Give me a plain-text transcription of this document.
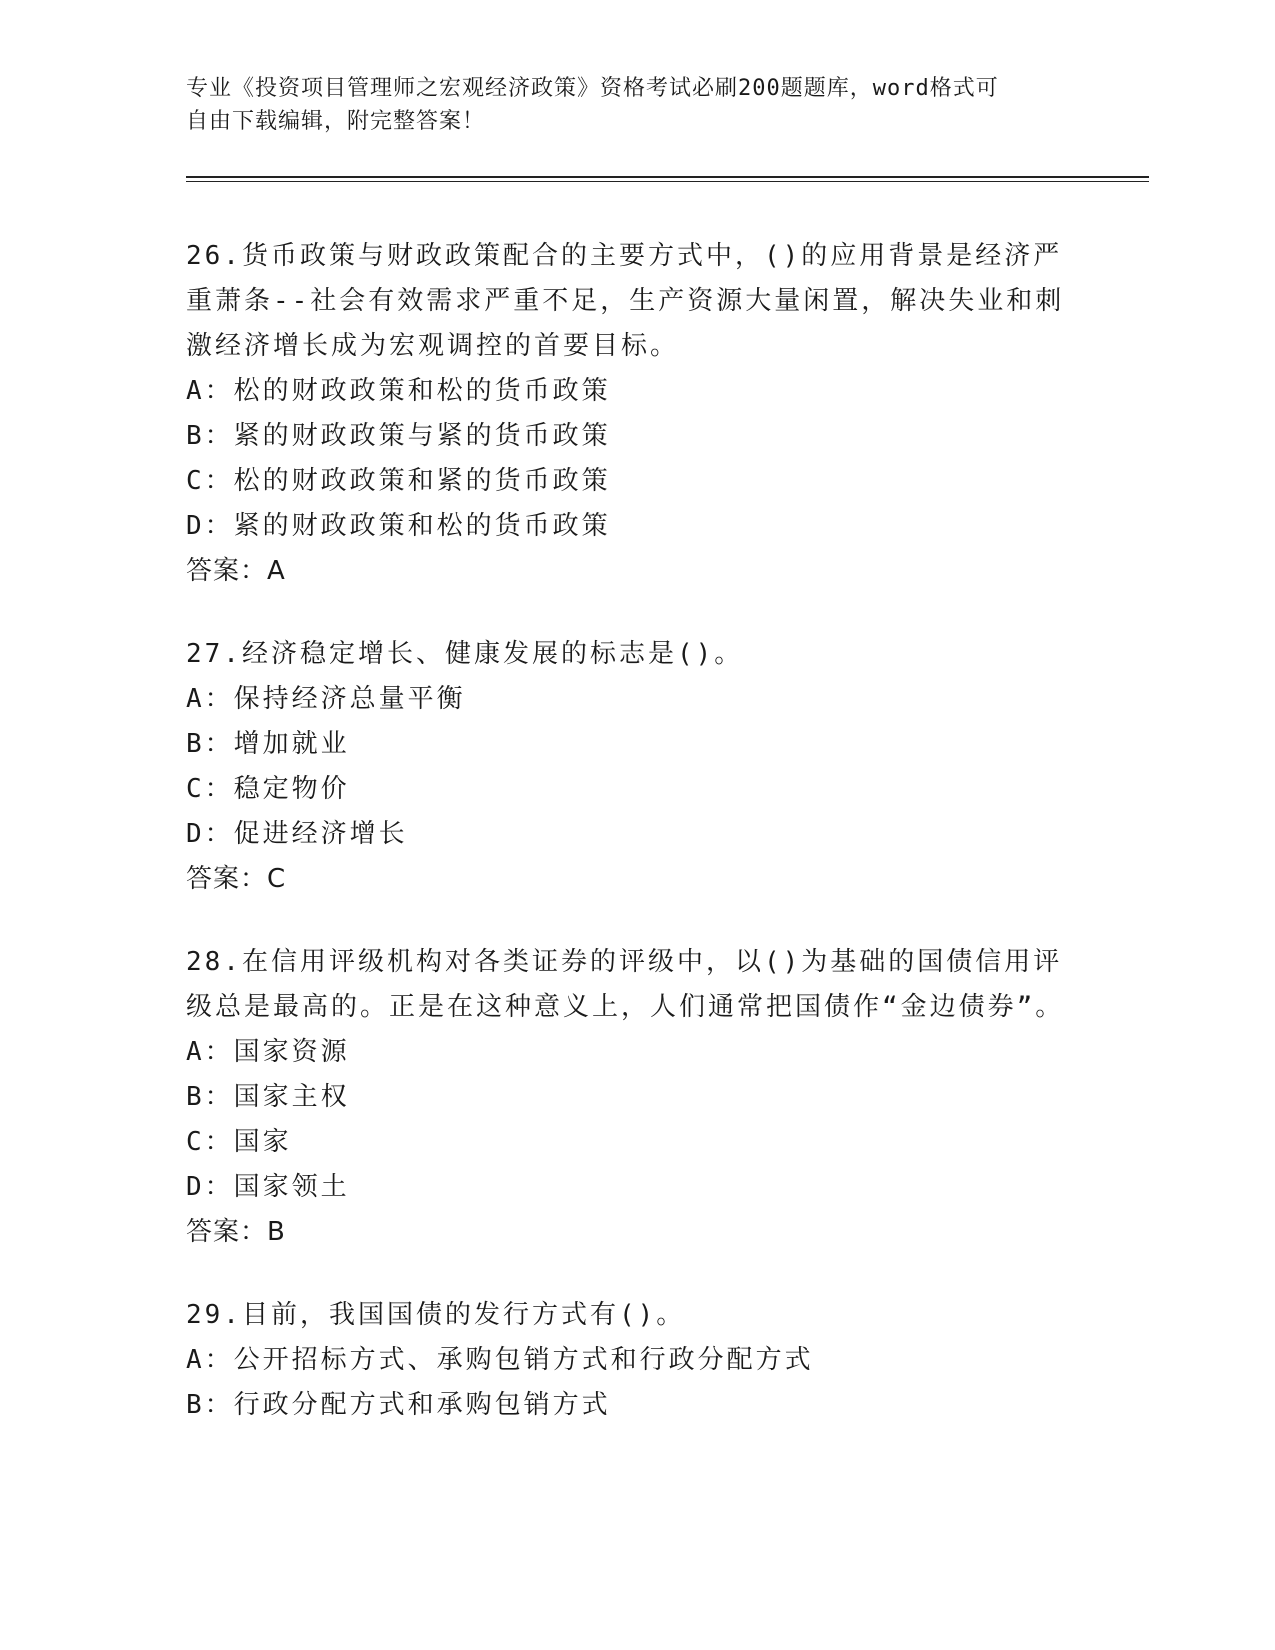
专业《投资项目管理师之宏观经济政策》资格考试必刷200题题库，word格式可
自由下载编辑，附完整答案！

26.货币政策与财政政策配合的主要方式中，()的应用背景是经济严重萧条--社会有效需求严重不足，生产资源大量闲置，解决失业和刺激经济增长成为宏观调控的首要目标。

A：松的财政政策和松的货币政策

B：紧的财政政策与紧的货币政策

C：松的财政政策和紧的货币政策

D：紧的财政政策和松的货币政策

答案：A

27.经济稳定增长、健康发展的标志是()。

A：保持经济总量平衡

B：增加就业

C：稳定物价

D：促进经济增长

答案：C

28.在信用评级机构对各类证券的评级中，以()为基础的国债信用评级总是最高的。正是在这种意义上，人们通常把国债作“金边债券”。

A：国家资源

B：国家主权

C：国家

D：国家领土

答案：B

29.目前，我国国债的发行方式有()。

A：公开招标方式、承购包销方式和行政分配方式

B：行政分配方式和承购包销方式
